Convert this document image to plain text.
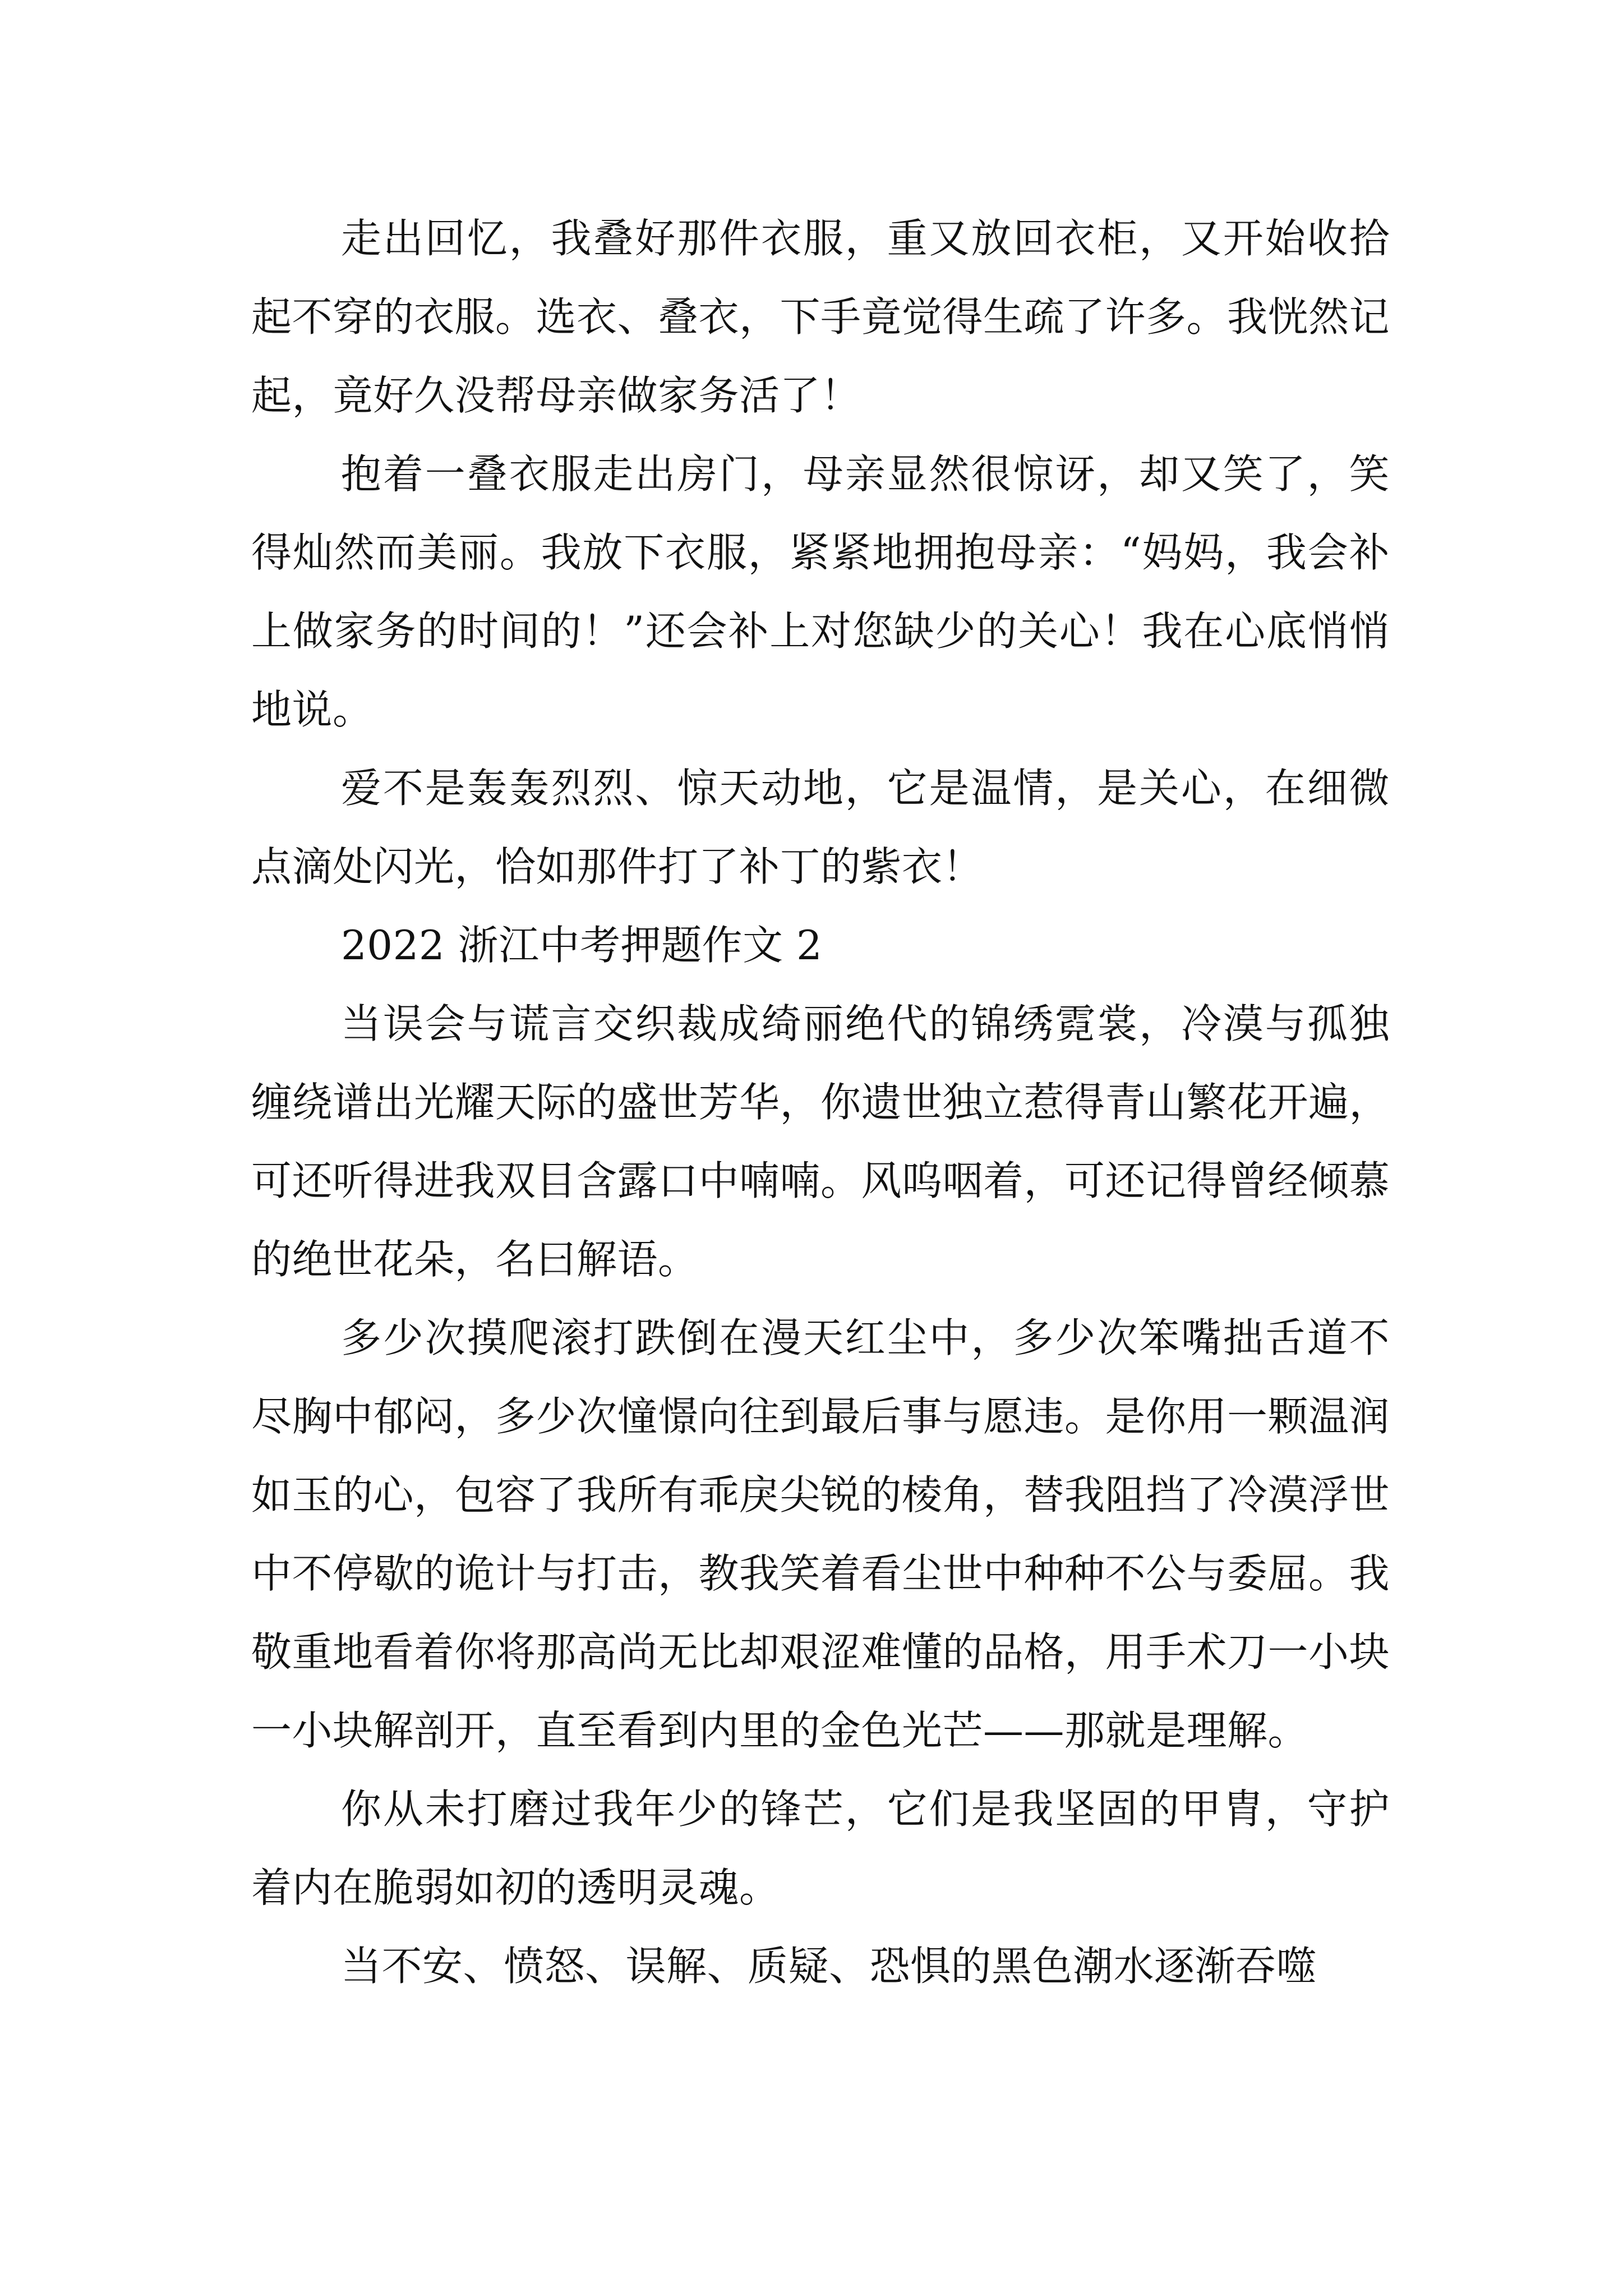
走出回忆，我叠好那件衣服，重又放回衣柜，又开始收拾起不穿的衣服。选衣、叠衣，下手竟觉得生疏了许多。我恍然记起，竟好久没帮母亲做家务活了！

抱着一叠衣服走出房门，母亲显然很惊讶，却又笑了，笑得灿然而美丽。我放下衣服，紧紧地拥抱母亲：“妈妈，我会补上做家务的时间的！”还会补上对您缺少的关心！我在心底悄悄地说。

爱不是轰轰烈烈、惊天动地，它是温情，是关心，在细微点滴处闪光，恰如那件打了补丁的紫衣！

2022 浙江中考押题作文 2

当误会与谎言交织裁成绮丽绝代的锦绣霓裳，冷漠与孤独缠绕谱出光耀天际的盛世芳华，你遗世独立惹得青山繁花开遍，可还听得进我双目含露口中喃喃。风呜咽着，可还记得曾经倾慕的绝世花朵，名曰解语。

多少次摸爬滚打跌倒在漫天红尘中，多少次笨嘴拙舌道不尽胸中郁闷，多少次憧憬向往到最后事与愿违。是你用一颗温润如玉的心，包容了我所有乖戾尖锐的棱角，替我阻挡了冷漠浮世中不停歇的诡计与打击，教我笑着看尘世中种种不公与委屈。我敬重地看着你将那高尚无比却艰涩难懂的品格，用手术刀一小块一小块解剖开，直至看到内里的金色光芒——那就是理解。

你从未打磨过我年少的锋芒，它们是我坚固的甲胄，守护着内在脆弱如初的透明灵魂。

当不安、愤怒、误解、质疑、恐惧的黑色潮水逐渐吞噬
